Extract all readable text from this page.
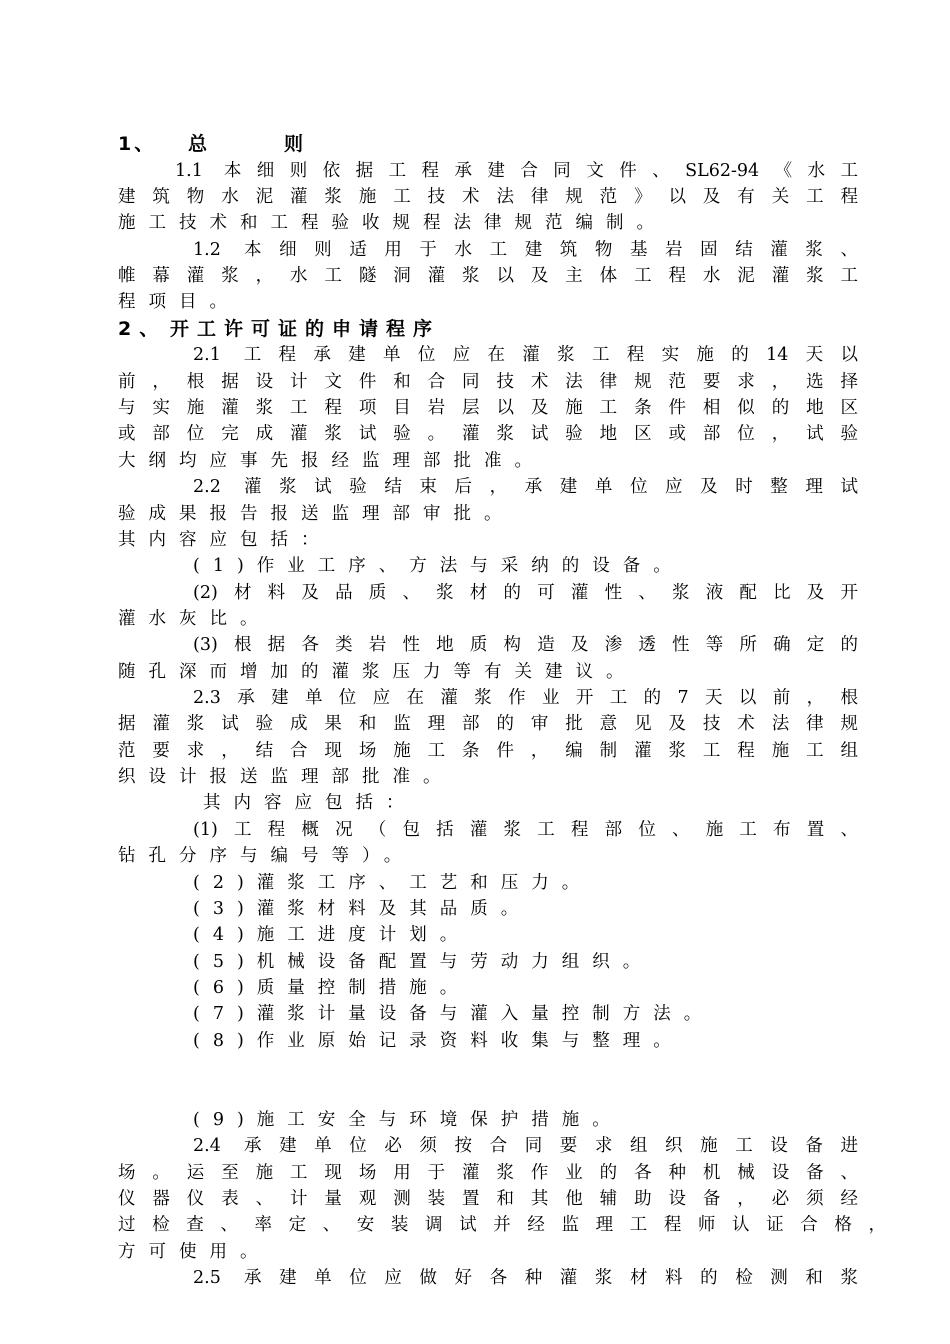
1、 总	则
1.1 本细则依据工程承建合同文件、SL62-94《水工
建筑物水泥灌浆施工技术法律规范》以及有关工程
施工技术和工程验收规程法律规范编制。
1.2 本细则适用于水工建筑物基岩固结灌浆、
帷幕灌浆，水工隧洞灌浆以及主体工程水泥灌浆工
程项目。
2、 开工许可证的申请程序
2.1 工程承建单位应在灌浆工程实施的14天以
前，根据设计文件和合同技术法律规范要求，选择
与实施灌浆工程项目岩层以及施工条件相似的地区
或部位完成灌浆试验。灌浆试验地区或部位，试验
大纲均应事先报经监理部批准。
2.2 灌浆试验结束后，承建单位应及时整理试
验成果报告报送监理部审批。
其内容应包括：
(1)作业工序、方法与采纳的设备。
(2)材料及品质、浆材的可灌性、浆液配比及开
灌水灰比。
(3)根据各类岩性地质构造及渗透性等所确定的
随孔深而增加的灌浆压力等有关建议。
2.3承建单位应在灌浆作业开工的7天以前，根
据灌浆试验成果和监理部的审批意见及技术法律规
范要求，结合现场施工条件，编制灌浆工程施工组
织设计报送监理部批准。
其内容应包括：
(1)工程概况（包括灌浆工程部位、施工布置、
钻孔分序与编号等）。
(2)灌浆工序、工艺和压力。
(3)灌浆材料及其品质。
(4)施工进度计划。
(5)机械设备配置与劳动力组织。
(6)质量控制措施。
(7)灌浆计量设备与灌入量控制方法。
(8)作业原始记录资料收集与整理。
(9)施工安全与环境保护措施。
2.4 承建单位必须按合同要求组织施工设备进
场。运至施工现场用于灌浆作业的各种机械设备、
仪器仪表、计量观测装置和其他辅助设备，必须经
过检查、率定、安装调试并经监理工程师认证合格，
方可使用。
2.5 承建单位应做好各种灌浆材料的检测和浆
